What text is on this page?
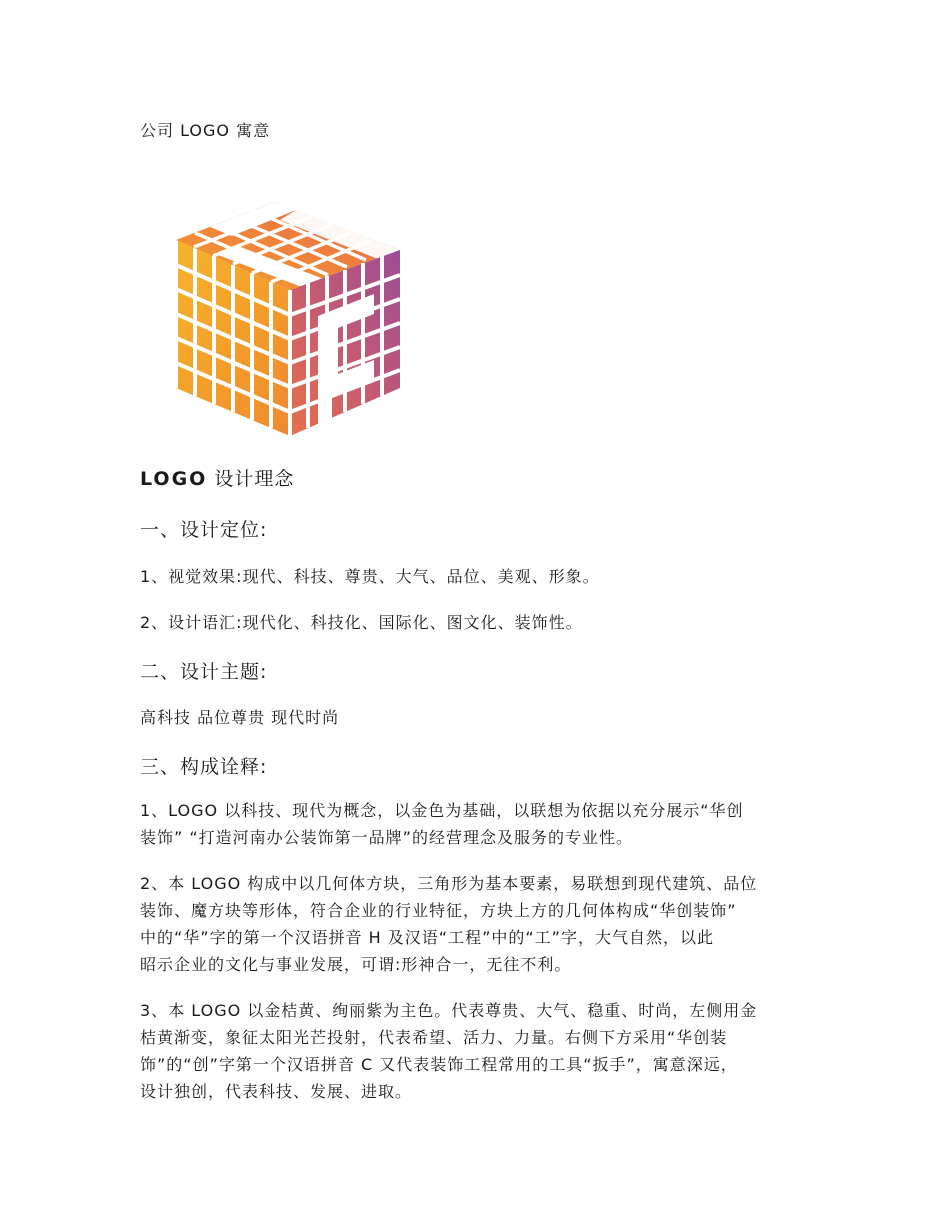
公司 LOGO 寓意
LOGO 设计理念
一、设计定位:
1、视觉效果:现代、科技、尊贵、大气、品位、美观、形象。
2、设计语汇:现代化、科技化、国际化、图文化、装饰性。
二、设计主题:
高科技 品位尊贵 现代时尚
三、构成诠释:
1、LOGO 以科技、现代为概念，以金色为基础，以联想为依据以充分展示“华创
装饰” “打造河南办公装饰第一品牌”的经营理念及服务的专业性。
2、本 LOGO 构成中以几何体方块，三角形为基本要素，易联想到现代建筑、品位
装饰、魔方块等形体，符合企业的行业特征，方块上方的几何体构成“华创装饰”
中的“华”字的第一个汉语拼音 H 及汉语“工程”中的“工”字，大气自然，以此
昭示企业的文化与事业发展，可谓:形神合一，无往不利。
3、本 LOGO 以金桔黄、绚丽紫为主色。代表尊贵、大气、稳重、时尚，左侧用金
桔黄渐变，象征太阳光芒投射，代表希望、活力、力量。右侧下方采用“华创装
饰”的“创”字第一个汉语拼音 C 又代表装饰工程常用的工具“扳手”，寓意深远，
设计独创，代表科技、发展、进取。
